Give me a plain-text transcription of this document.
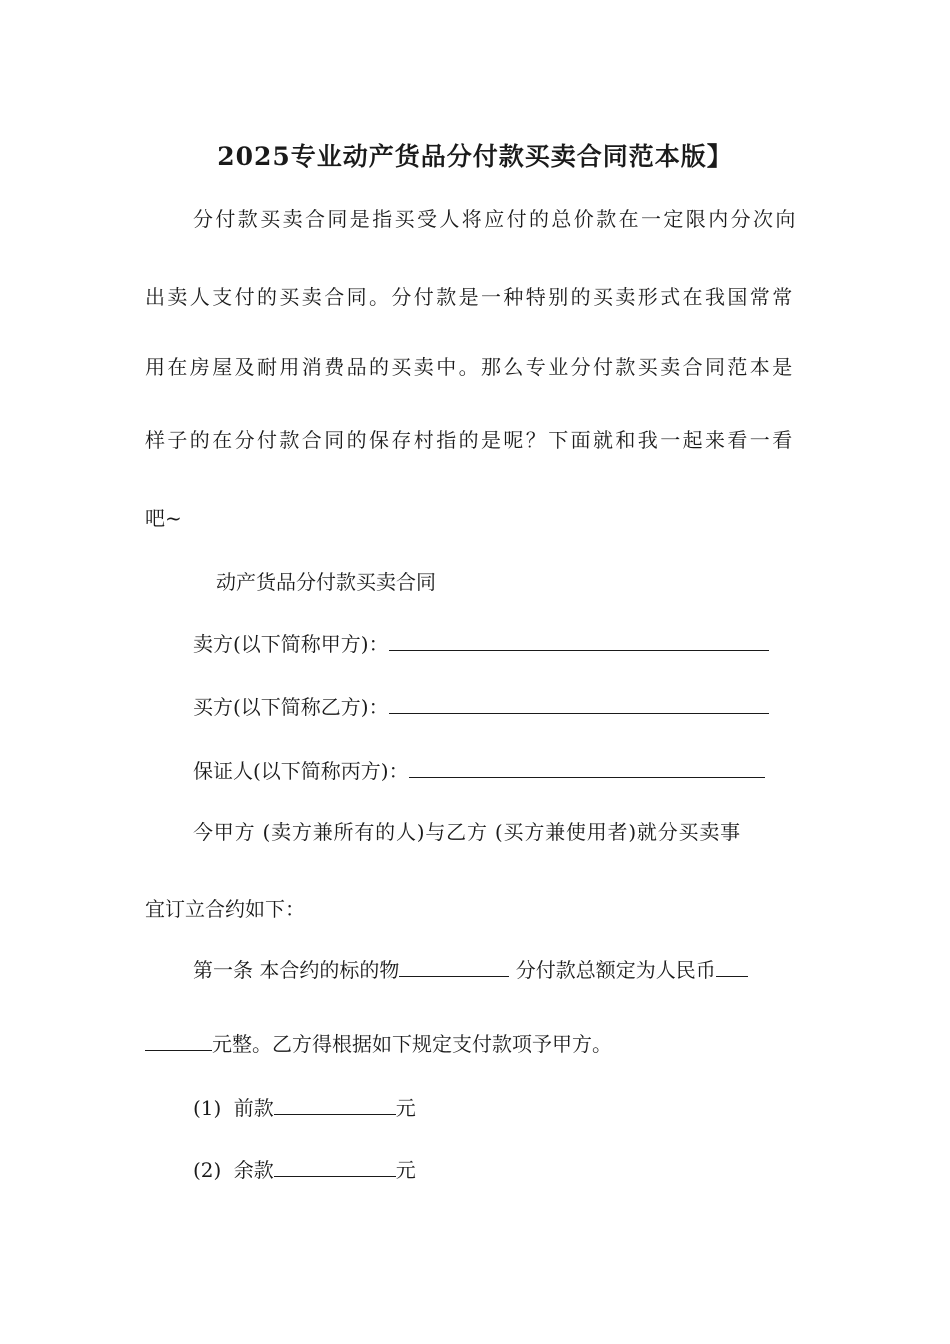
2025专业动产货品分付款买卖合同范本版】
分付款买卖合同是指买受人将应付的总价款在一定限内分次向
出卖人支付的买卖合同。分付款是一种特别的买卖形式在我国常常
用在房屋及耐用消费品的买卖中。那么专业分付款买卖合同范本是
样子的在分付款合同的保存村指的是呢？下面就和我一起来看一看
吧~
动产货品分付款买卖合同
卖方(以下简称甲方)：
买方(以下简称乙方)：
保证人(以下简称丙方)：
今甲方 (卖方兼所有的人)与乙方 (买方兼使用者)就分买卖事
宜订立合约如下：
第一条 本合约的标的物	分付款总额定为人民币
元整。乙方得根据如下规定支付款项予甲方。
(1) 前款	元
(2) 余款	元
